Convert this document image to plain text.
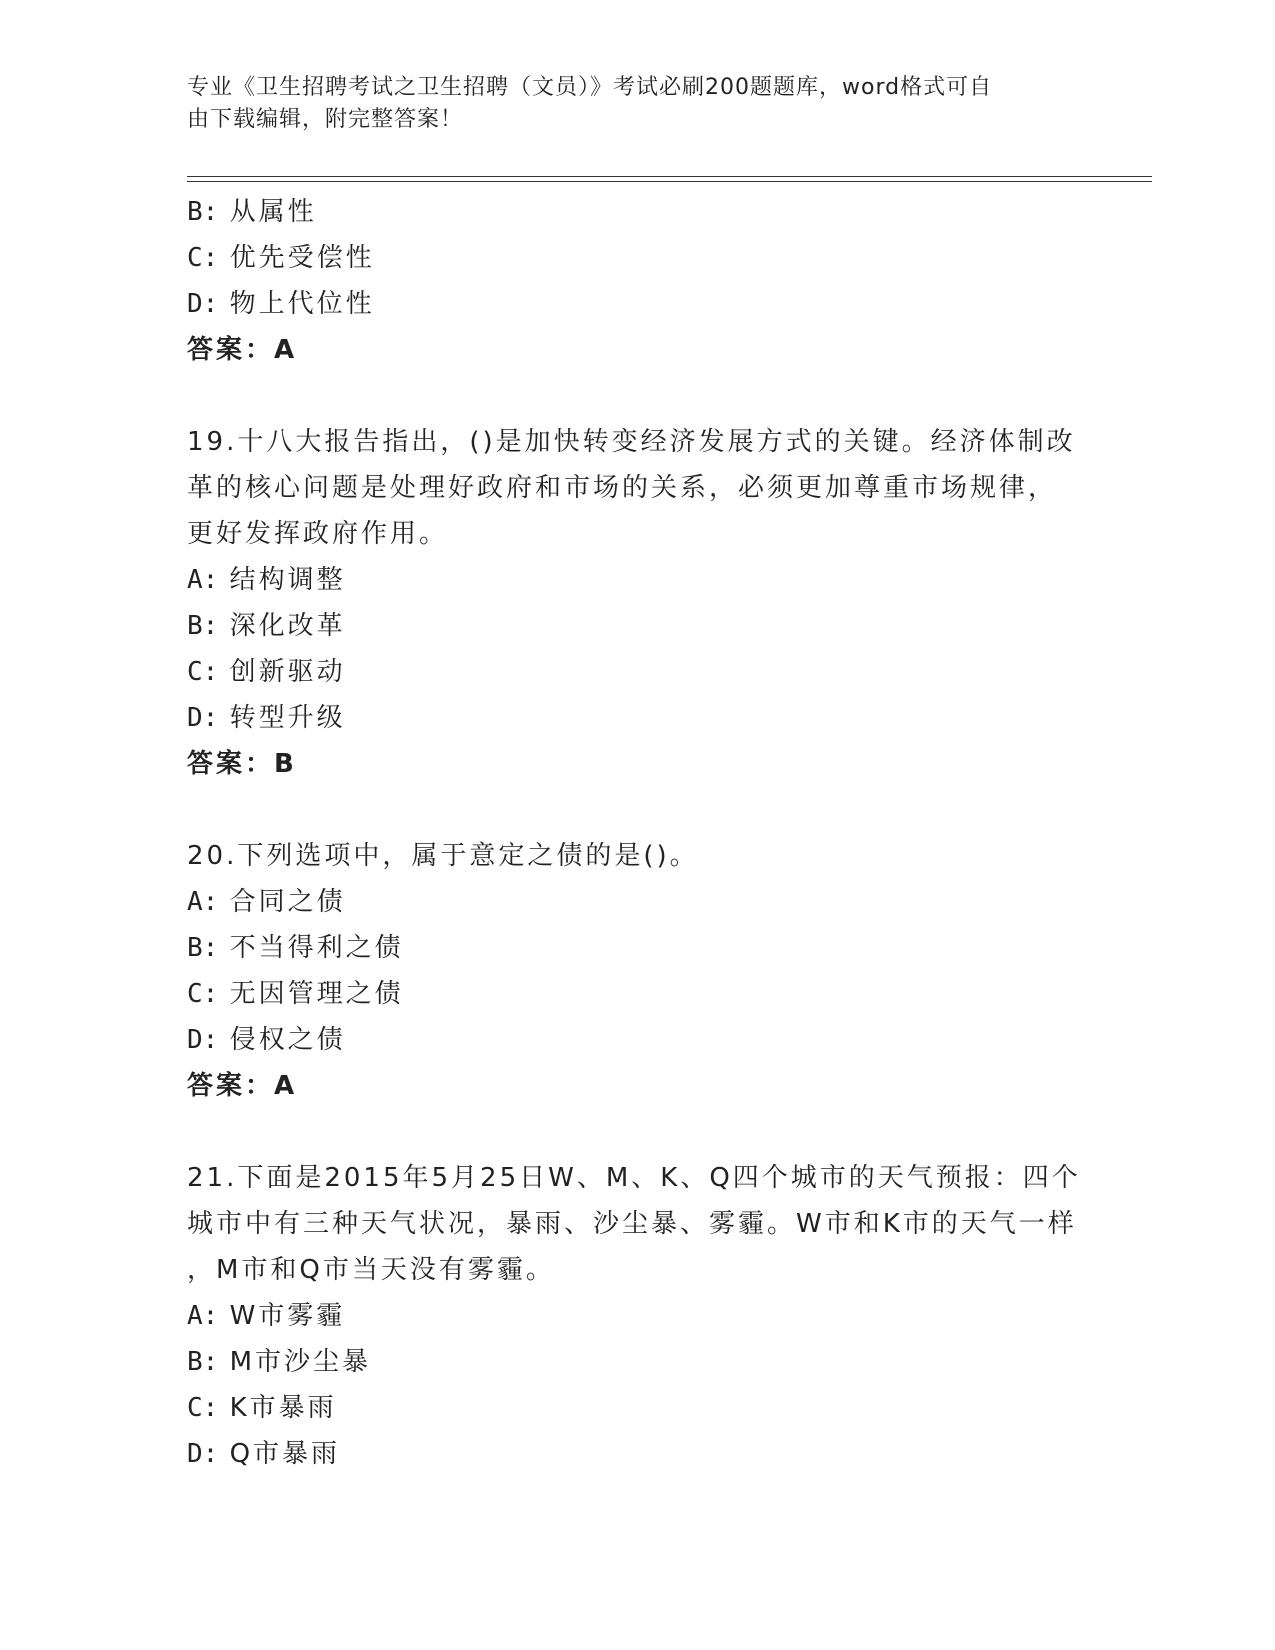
专业《卫生招聘考试之卫生招聘（文员）》考试必刷200题题库，word格式可自
由下载编辑，附完整答案！
B: 从属性
C: 优先受偿性
D: 物上代位性
答案：A
19.十八大报告指出，()是加快转变经济发展方式的关键。经济体制改
革的核心问题是处理好政府和市场的关系，必须更加尊重市场规律，
更好发挥政府作用。
A: 结构调整
B: 深化改革
C: 创新驱动
D: 转型升级
答案：B
20.下列选项中，属于意定之债的是()。
A: 合同之债
B: 不当得利之债
C: 无因管理之债
D: 侵权之债
答案：A
21.下面是2015年5月25日W、M、K、Q四个城市的天气预报：四个
城市中有三种天气状况，暴雨、沙尘暴、雾霾。W市和K市的天气一样
，M市和Q市当天没有雾霾。
A: W市雾霾
B: M市沙尘暴
C: K市暴雨
D: Q市暴雨
